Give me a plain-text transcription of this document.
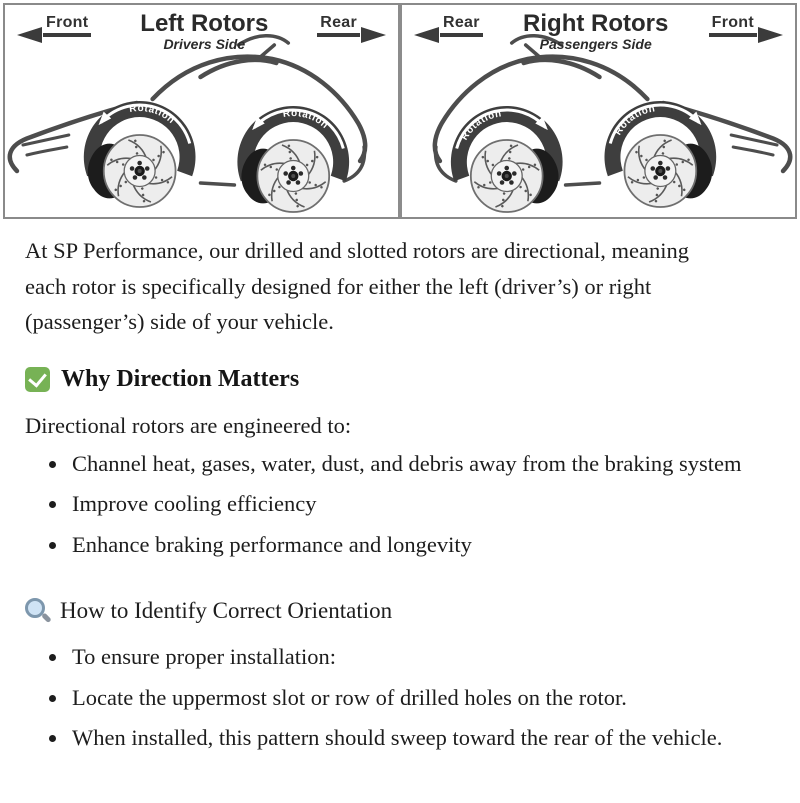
Rotation	Rotation
Front	Left Rotors
Drivers Side
Rear
Rotation
Rotation
Rear	Right Rotors
Passengers Side
Front

At SP Performance, our drilled and slotted rotors are directional, meaning each rotor is specifically designed for either the left (driver’s) or right (passenger’s) side of your vehicle.

Why Direction Matters

Directional rotors are engineered to:

• Channel heat, gases, water, dust, and debris away from the braking system
• Improve cooling efficiency
• Enhance braking performance and longevity
How to Identify Correct Orientation
• To ensure proper installation:
• Locate the uppermost slot or row of drilled holes on the rotor.
• When installed, this pattern should sweep toward the rear of the vehicle.
